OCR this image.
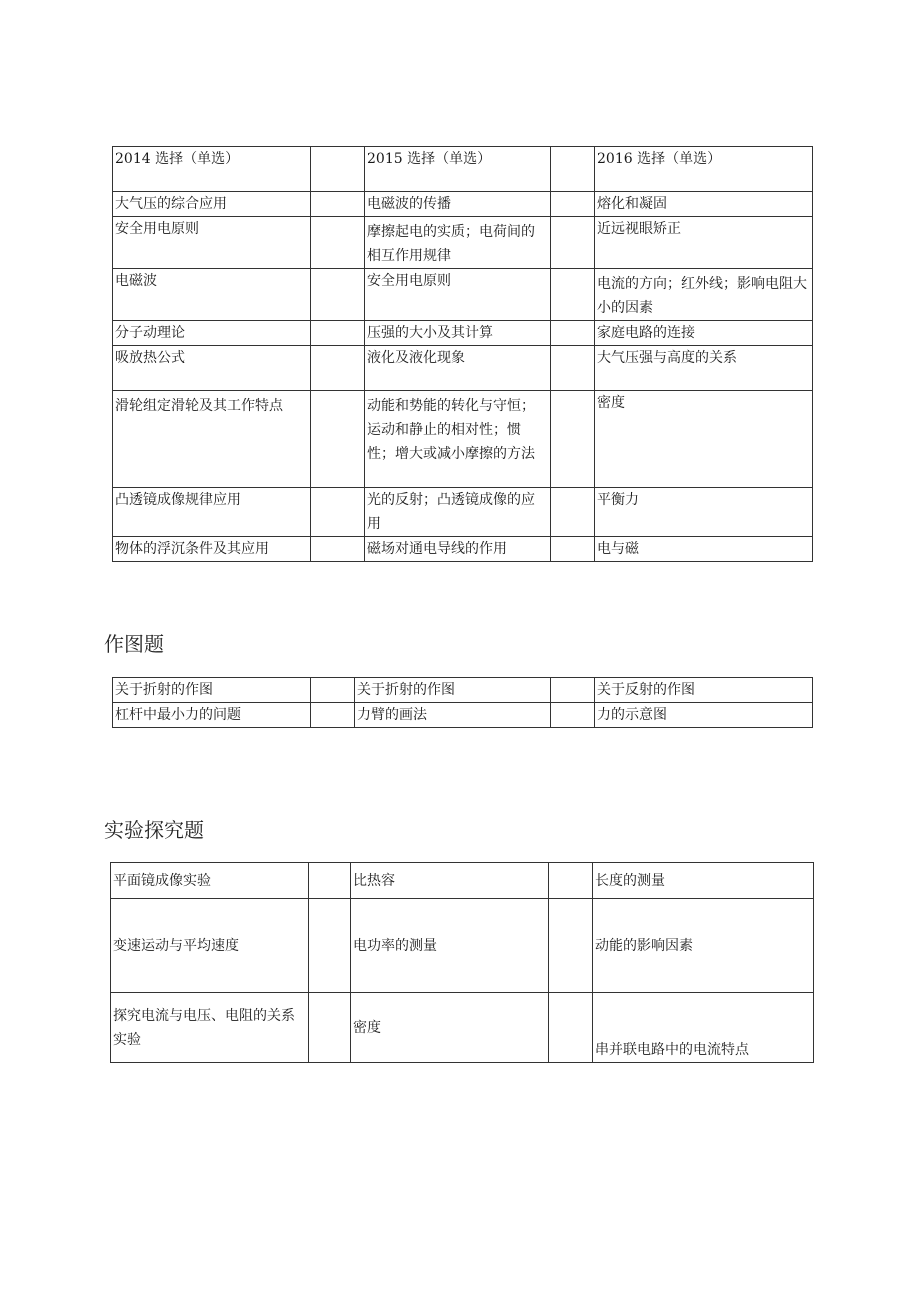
2014 选择（单选）		2015 选择（单选）		2016 选择（单选）
大气压的综合应用		电磁波的传播		熔化和凝固
安全用电原则		摩擦起电的实质；电荷间的相互作用规律		近远视眼矫正
电磁波		安全用电原则		电流的方向；红外线；影响电阻大小的因素
分子动理论		压强的大小及其计算		家庭电路的连接
吸放热公式		液化及液化现象		大气压强与高度的关系
滑轮组定滑轮及其工作特点		动能和势能的转化与守恒；运动和静止的相对性；惯性；增大或减小摩擦的方法		密度
凸透镜成像规律应用		光的反射；凸透镜成像的应用		平衡力
物体的浮沉条件及其应用		磁场对通电导线的作用		电与磁
作图题
关于折射的作图		关于折射的作图		关于反射的作图
杠杆中最小力的问题		力臂的画法		力的示意图
实验探究题
平面镜成像实验		比热容		长度的测量
变速运动与平均速度		电功率的测量		动能的影响因素
探究电流与电压、电阻的关系实验		密度		串并联电路中的电流特点
